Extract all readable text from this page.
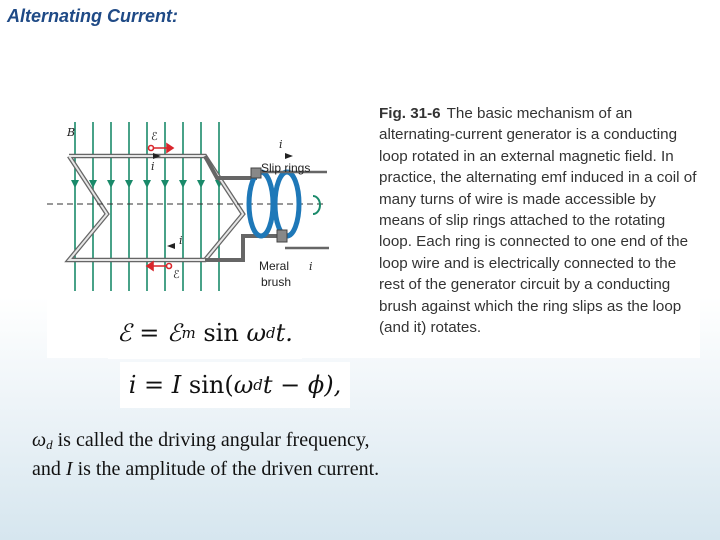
Alternating Current:
B	ℰ
i
i
Slip rings
i
ℰ
Meral
brush
i
Fig. 31-6 The basic mechanism of an alternating-current generator is a conducting loop rotated in an external magnetic field. In practice, the alternating emf induced in a coil of many turns of wire is made accessible by means of slip rings attached to the rotating loop. Each ring is connected to one end of the loop wire and is electrically connected to the rest of the generator circuit by a conducting brush against which the ring slips as the loop (and it) rotates.
ℰ = ℰ m sin ω d t.
i = I sin( ω d t − ϕ),
$\omega_d$ is called the driving angular frequency,
and I is the amplitude of the driven current.
